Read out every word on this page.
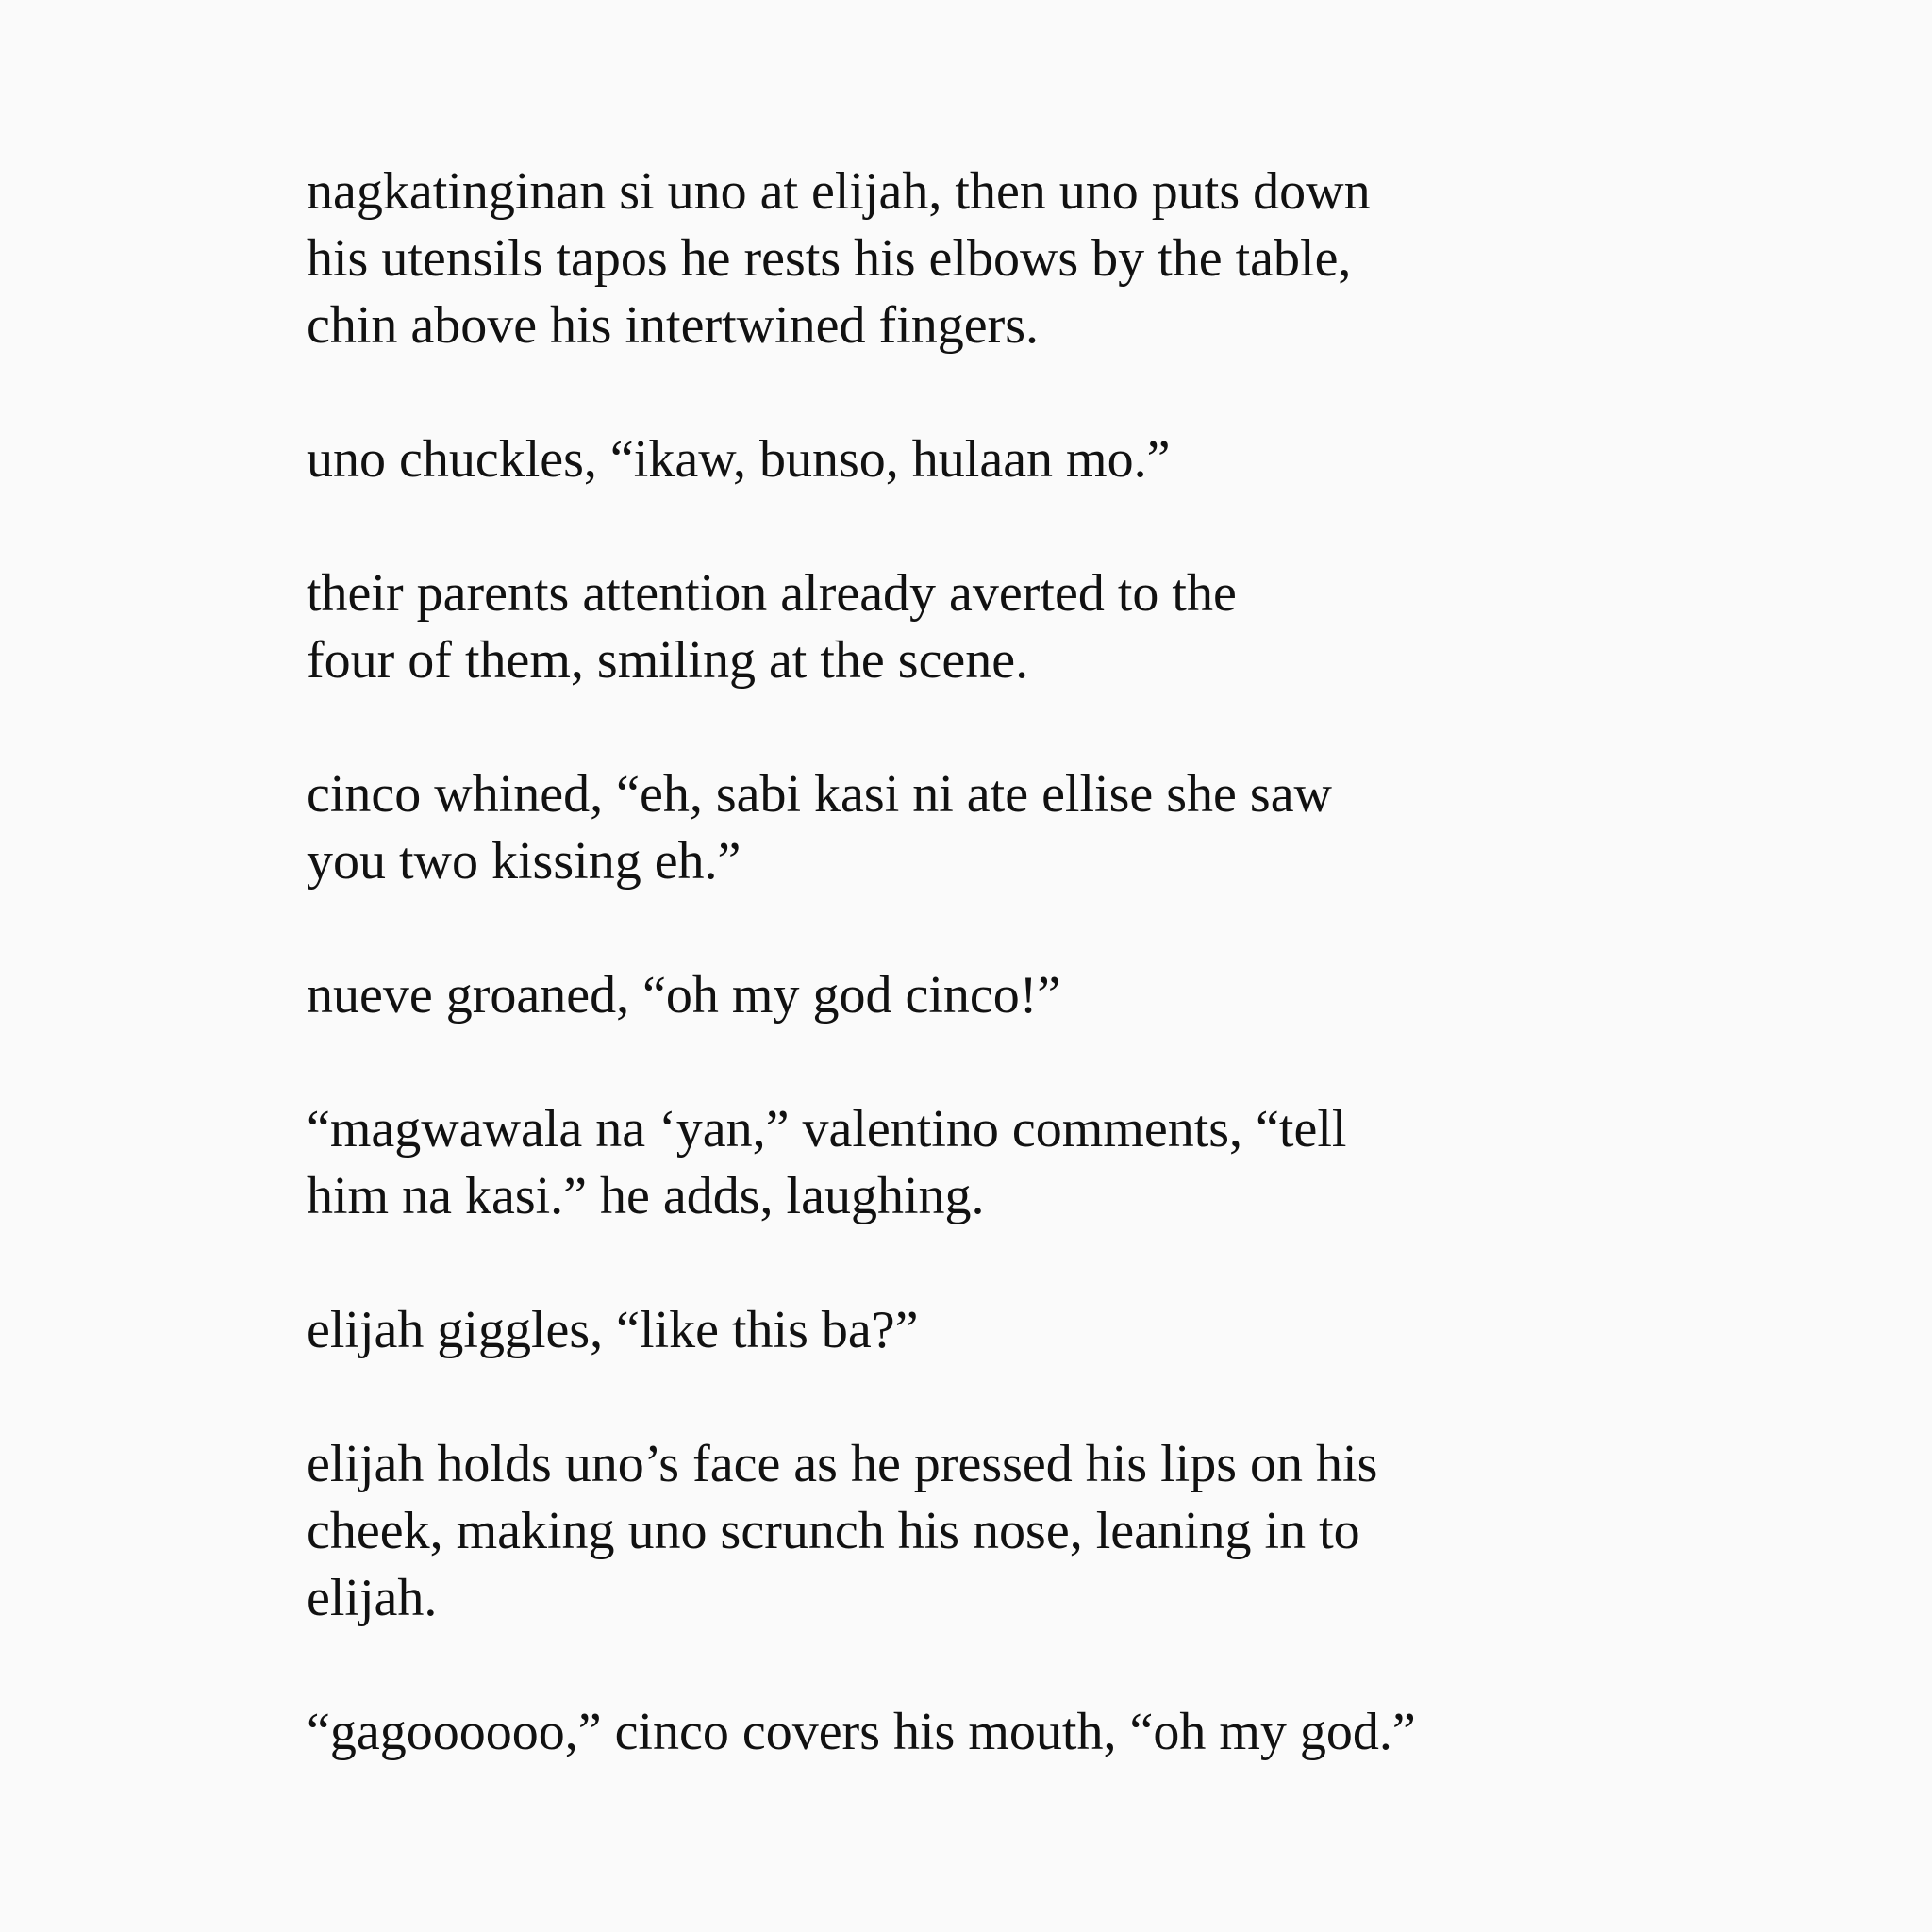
nagkatinginan si uno at elijah, then uno puts down
his utensils tapos he rests his elbows by the table,
chin above his intertwined fingers.

uno chuckles, “ikaw, bunso, hulaan mo.”

their parents attention already averted to the
four of them, smiling at the scene.

cinco whined, “eh, sabi kasi ni ate ellise she saw
you two kissing eh.”

nueve groaned, “oh my god cinco!”

“magwawala na ‘yan,” valentino comments, “tell
him na kasi.” he adds, laughing.

elijah giggles, “like this ba?”

elijah holds uno’s face as he pressed his lips on his
cheek, making uno scrunch his nose, leaning in to
elijah.

“gagoooooo,” cinco covers his mouth, “oh my god.”
